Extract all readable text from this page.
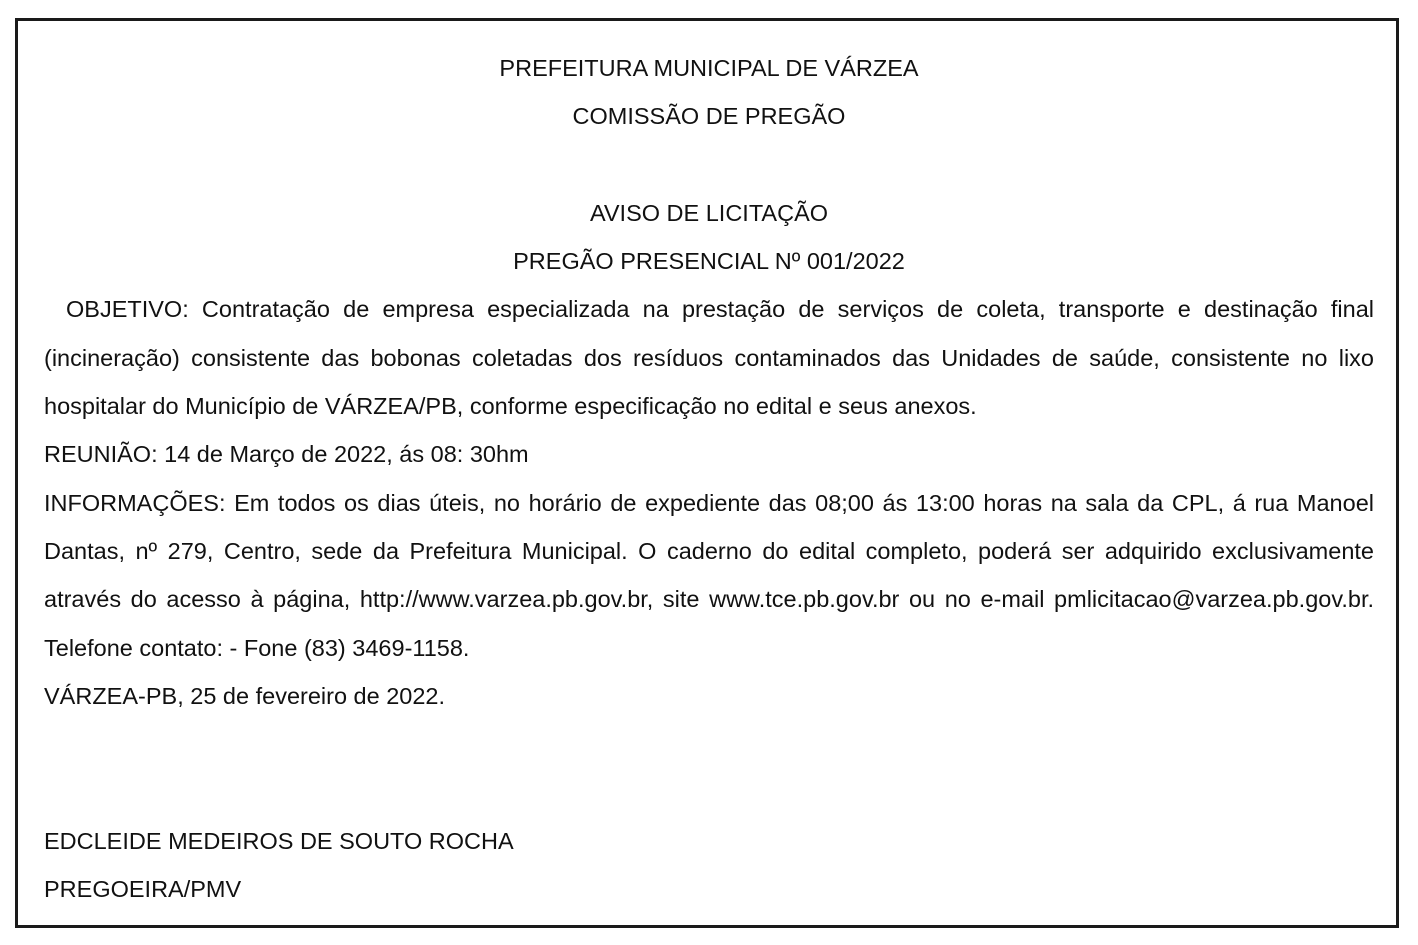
PREFEITURA MUNICIPAL DE VÁRZEA

COMISSÃO DE PREGÃO

AVISO DE LICITAÇÃO

PREGÃO PRESENCIAL Nº 001/2022

OBJETIVO: Contratação de empresa especializada na prestação de serviços de coleta, transporte e destinação final (incineração) consistente das bobonas coletadas dos resíduos contaminados das Unidades de saúde, consistente no lixo hospitalar do Município de VÁRZEA/PB, conforme especificação no edital e seus anexos.

REUNIÃO: 14 de Março de 2022, ás 08: 30hm

INFORMAÇÕES: Em todos os dias úteis, no horário de expediente das 08;00 ás 13:00 horas na sala da CPL, á rua Manoel Dantas, nº 279, Centro, sede da Prefeitura Municipal. O caderno do edital completo, poderá ser adquirido exclusivamente através do acesso à página, http://www.varzea.pb.gov.br, site www.tce.pb.gov.br ou no e-mail pmlicitacao@varzea.pb.gov.br. Telefone contato: - Fone (83) 3469-1158.

VÁRZEA-PB, 25 de fevereiro de 2022.

EDCLEIDE MEDEIROS DE SOUTO ROCHA

PREGOEIRA/PMV
